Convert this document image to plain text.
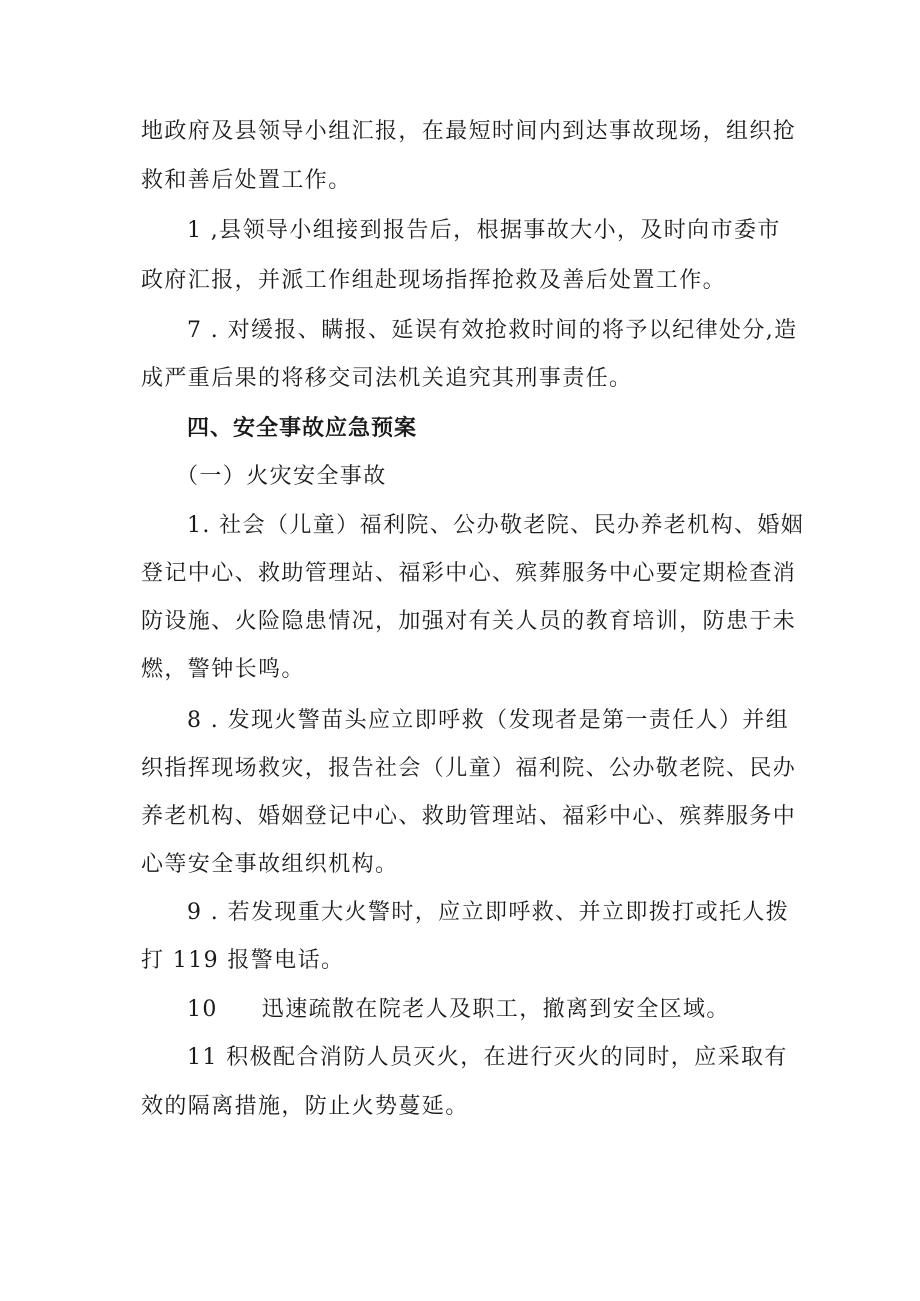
地政府及县领导小组汇报，在最短时间内到达事故现场，组织抢
救和善后处置工作。
1 ,县领导小组接到报告后，根据事故大小，及时向市委市
政府汇报，并派工作组赴现场指挥抢救及善后处置工作。
7 . 对缓报、瞒报、延误有效抢救时间的将予以纪律处分,造
成严重后果的将移交司法机关追究其刑事责任。
四、安全事故应急预案
（一）火灾安全事故
1. 社会（儿童）福利院、公办敬老院、民办养老机构、婚姻
登记中心、救助管理站、福彩中心、殡葬服务中心要定期检查消
防设施、火险隐患情况，加强对有关人员的教育培训，防患于未
燃，警钟长鸣。
8 . 发现火警苗头应立即呼救（发现者是第一责任人）并组
织指挥现场救灾，报告社会（儿童）福利院、公办敬老院、民办
养老机构、婚姻登记中心、救助管理站、福彩中心、殡葬服务中
心等安全事故组织机构。
9 . 若发现重大火警时，应立即呼救、并立即拨打或托人拨
打 119 报警电话。
10 迅速疏散在院老人及职工，撤离到安全区域。
11 积极配合消防人员灭火，在进行灭火的同时，应采取有
效的隔离措施，防止火势蔓延。
